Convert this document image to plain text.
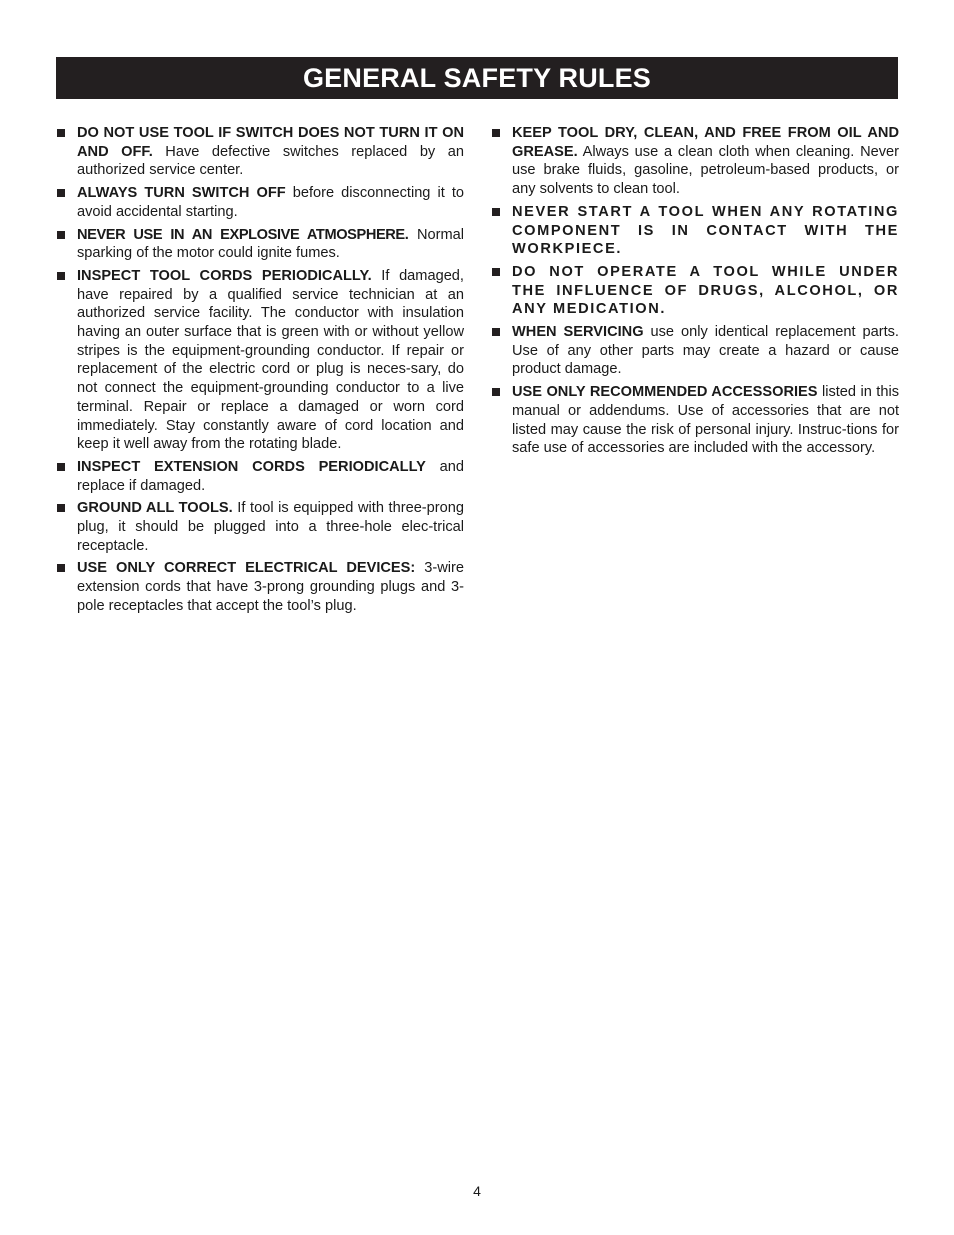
GENERAL SAFETY RULES
DO NOT USE TOOL IF SWITCH DOES NOT TURN IT ON AND OFF. Have defective switches replaced by an authorized service center.
ALWAYS TURN SWITCH OFF before disconnecting it to avoid accidental starting.
NEVER USE IN AN EXPLOSIVE ATMOSPHERE. Normal sparking of the motor could ignite fumes.
INSPECT TOOL CORDS PERIODICALLY. If damaged, have repaired by a qualified service technician at an authorized service facility. The conductor with insulation having an outer surface that is green with or without yellow stripes is the equipment-grounding conductor. If repair or replacement of the electric cord or plug is neces-sary, do not connect the equipment-grounding conductor to a live terminal. Repair or replace a damaged or worn cord immediately. Stay constantly aware of cord location and keep it well away from the rotating blade.
INSPECT EXTENSION CORDS PERIODICALLY and replace if damaged.
GROUND ALL TOOLS. If tool is equipped with three-prong plug, it should be plugged into a three-hole elec-trical receptacle.
USE ONLY CORRECT ELECTRICAL DEVICES: 3-wire extension cords that have 3-prong grounding plugs and 3-pole receptacles that accept the tool’s plug.
KEEP TOOL DRY, CLEAN, AND FREE FROM OIL AND GREASE. Always use a clean cloth when cleaning. Never use brake fluids, gasoline, petroleum-based products, or any solvents to clean tool.
NEVER START A TOOL WHEN ANY ROTATING COMPONENT IS IN CONTACT WITH THE WORKPIECE.
DO NOT OPERATE A TOOL WHILE UNDER THE INFLUENCE OF DRUGS, ALCOHOL, OR ANY MEDICATION.
WHEN SERVICING use only identical replacement parts. Use of any other parts may create a hazard or cause product damage.
USE ONLY RECOMMENDED ACCESSORIES listed in this manual or addendums. Use of accessories that are not listed may cause the risk of personal injury. Instruc-tions for safe use of accessories are included with the accessory.
4
